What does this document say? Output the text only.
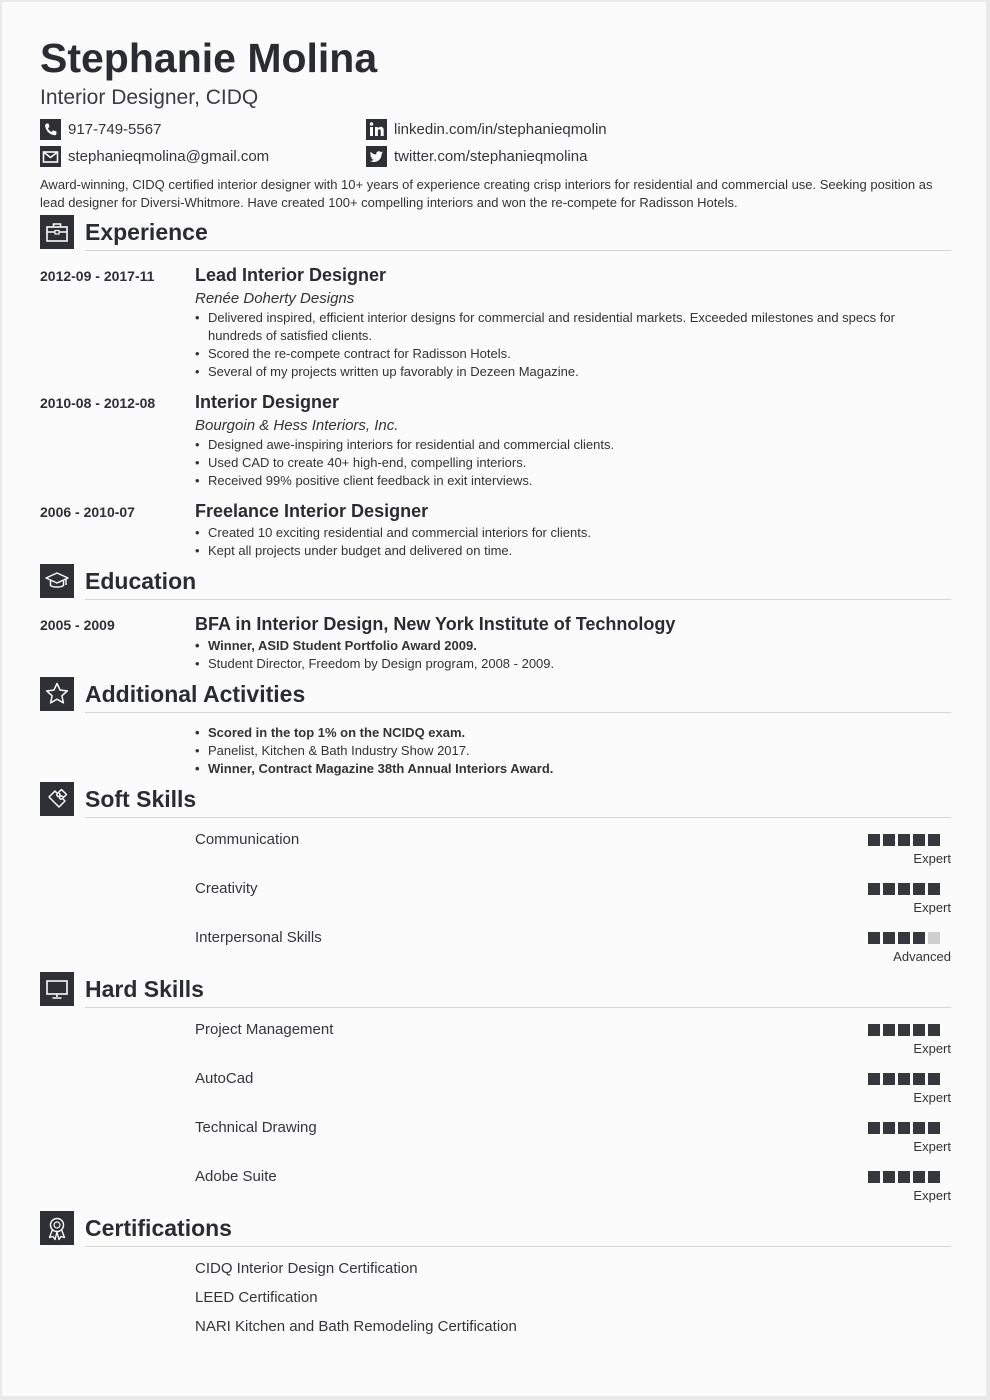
Stephanie Molina
Interior Designer, CIDQ
917-749-5567
stephanieqmolina@gmail.com
linkedin.com/in/stephanieqmolin
twitter.com/stephanieqmolina
Award-winning, CIDQ certified interior designer with 10+ years of experience creating crisp interiors for residential and commercial use. Seeking position as lead designer for Diversi-Whitmore. Have created 100+ compelling interiors and won the re-compete for Radisson Hotels.
Experience
2012-09 - 2017-11 Lead Interior Designer
Renée Doherty Designs
• Delivered inspired, efficient interior designs for commercial and residential markets. Exceeded milestones and specs for hundreds of satisfied clients.
• Scored the re-compete contract for Radisson Hotels.
• Several of my projects written up favorably in Dezeen Magazine.
2010-08 - 2012-08 Interior Designer
Bourgoin & Hess Interiors, Inc.
• Designed awe-inspiring interiors for residential and commercial clients.
• Used CAD to create 40+ high-end, compelling interiors.
• Received 99% positive client feedback in exit interviews.
2006 - 2010-07	Freelance Interior Designer
• Created 10 exciting residential and commercial interiors for clients.
• Kept all projects under budget and delivered on time.
Education
2005 - 2009	BFA in Interior Design, New York Institute of Technology
• Winner, ASID Student Portfolio Award 2009.
• Student Director, Freedom by Design program, 2008 - 2009.
Additional Activities
• Scored in the top 1% on the NCIDQ exam.
• Panelist, Kitchen & Bath Industry Show 2017.
• Winner, Contract Magazine 38th Annual Interiors Award.
Soft Skills
Communication
Expert
Creativity
Expert
Interpersonal Skills
Advanced
Hard Skills
Project Management
Expert
AutoCad
Expert
Technical Drawing
Expert
Adobe Suite
Expert
Certifications
CIDQ Interior Design Certification
LEED Certification
NARI Kitchen and Bath Remodeling Certification
